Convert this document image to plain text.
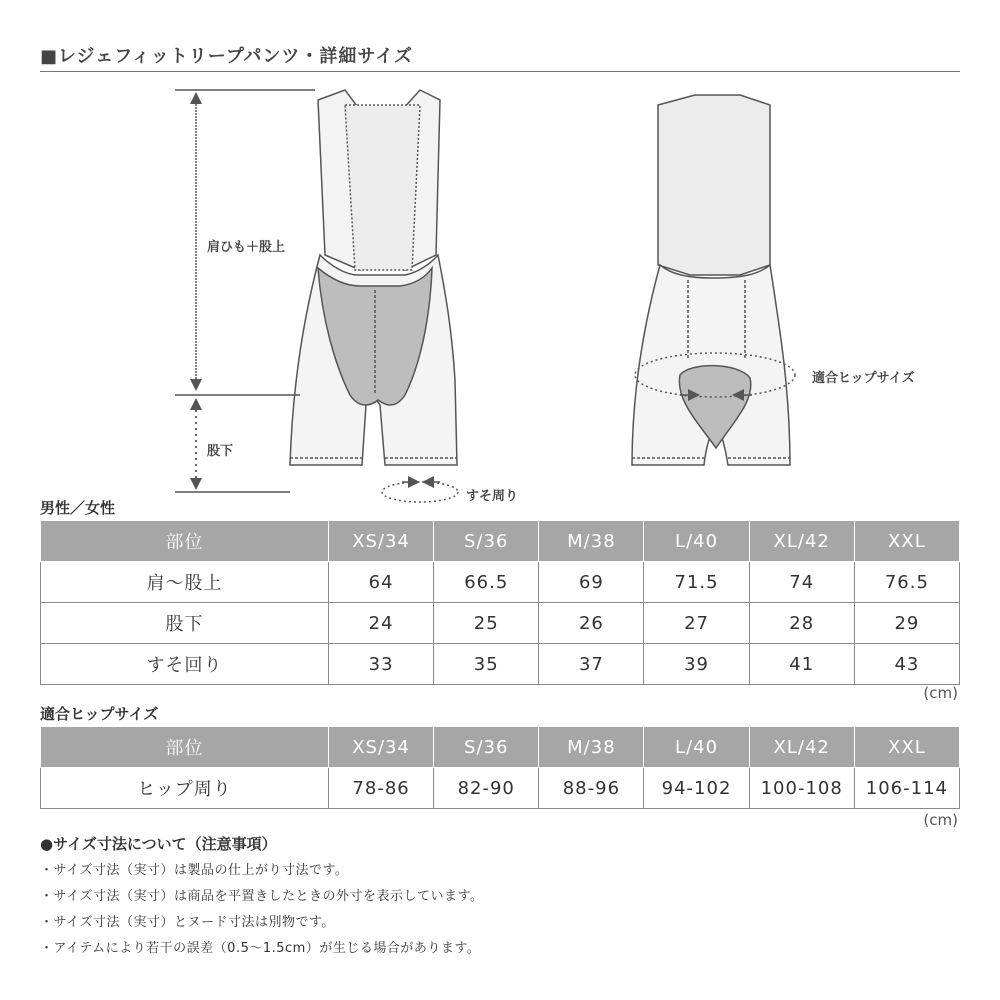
■レジェフィットリープパンツ・詳細サイズ
肩ひも＋股上
股下
すそ周り
適合ヒップサイズ
男性／女性
部位	XS/34	S/36	M/38	L/40	XL/42	XXL
肩〜股上	64	66.5	69	71.5	74	76.5
股下	24	25	26	27	28	29
すそ回り	33	35	37	39	41	43
(cm)
適合ヒップサイズ
部位	XS/34	S/36	M/38	L/40	XL/42	XXL
ヒップ周り	78-86	82-90	88-96	94-102	100-108	106-114
(cm)
●サイズ寸法について（注意事項）
・サイズ寸法（実寸）は製品の仕上がり寸法です。
・サイズ寸法（実寸）は商品を平置きしたときの外寸を表示しています。
・サイズ寸法（実寸）とヌード寸法は別物です。
・アイテムにより若干の誤差（0.5〜1.5cm）が生じる場合があります。
